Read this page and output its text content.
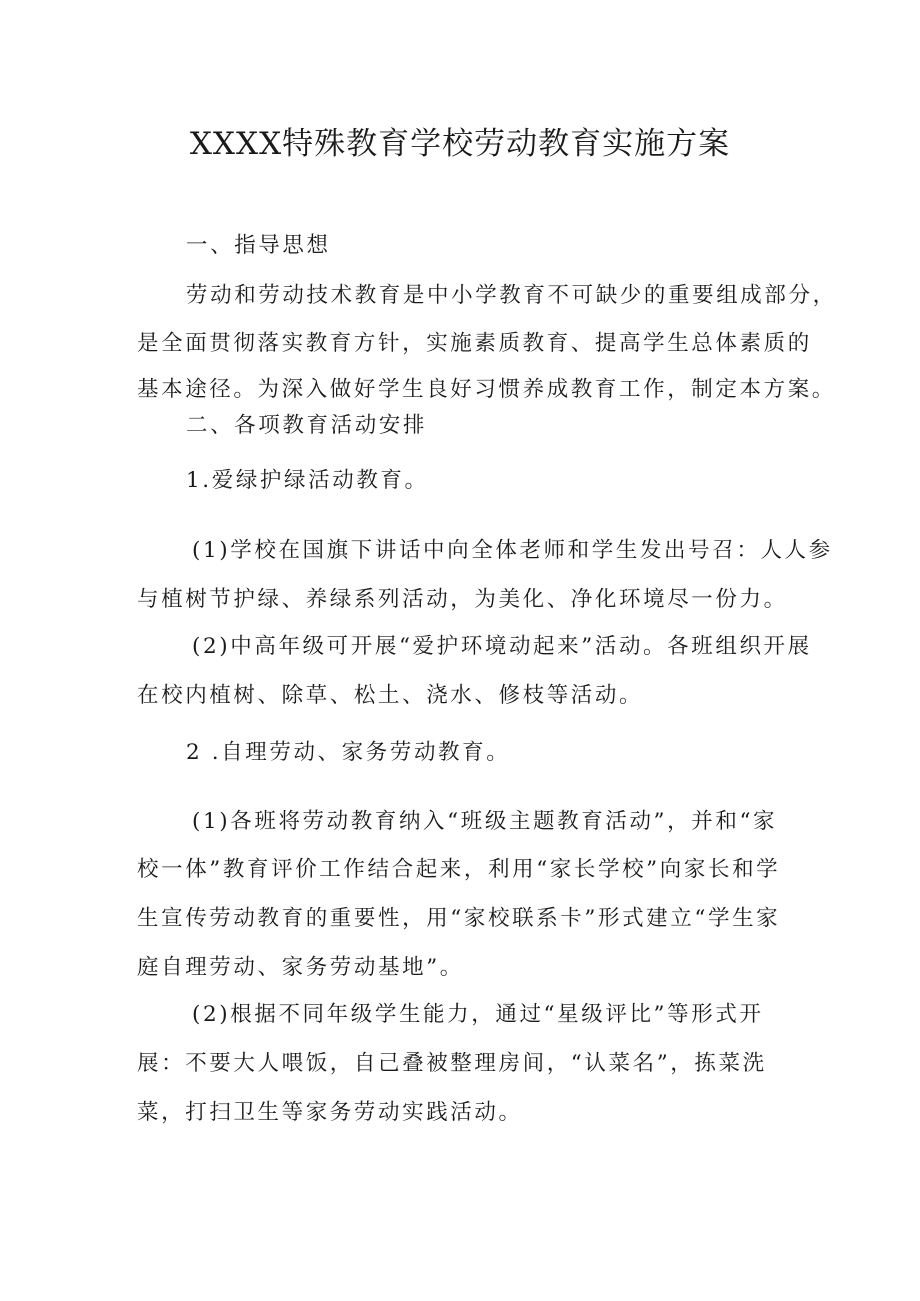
XXXX特殊教育学校劳动教育实施方案

一、指导思想

劳动和劳动技术教育是中小学教育不可缺少的重要组成部分，

是全面贯彻落实教育方针，实施素质教育、提高学生总体素质的

基本途径。为深入做好学生良好习惯养成教育工作，制定本方案。

二、各项教育活动安排

1.爱绿护绿活动教育。

(1)学校在国旗下讲话中向全体老师和学生发出号召：人人参

与植树节护绿、养绿系列活动，为美化、净化环境尽一份力。

(2)中高年级可开展“爱护环境动起来”活动。各班组织开展

在校内植树、除草、松土、浇水、修枝等活动。

2 .自理劳动、家务劳动教育。

(1)各班将劳动教育纳入“班级主题教育活动”，并和“家

校一体”教育评价工作结合起来，利用“家长学校”向家长和学

生宣传劳动教育的重要性，用“家校联系卡”形式建立“学生家

庭自理劳动、家务劳动基地”。

(2)根据不同年级学生能力，通过“星级评比”等形式开

展：不要大人喂饭，自己叠被整理房间，“认菜名”，拣菜洗

菜，打扫卫生等家务劳动实践活动。
